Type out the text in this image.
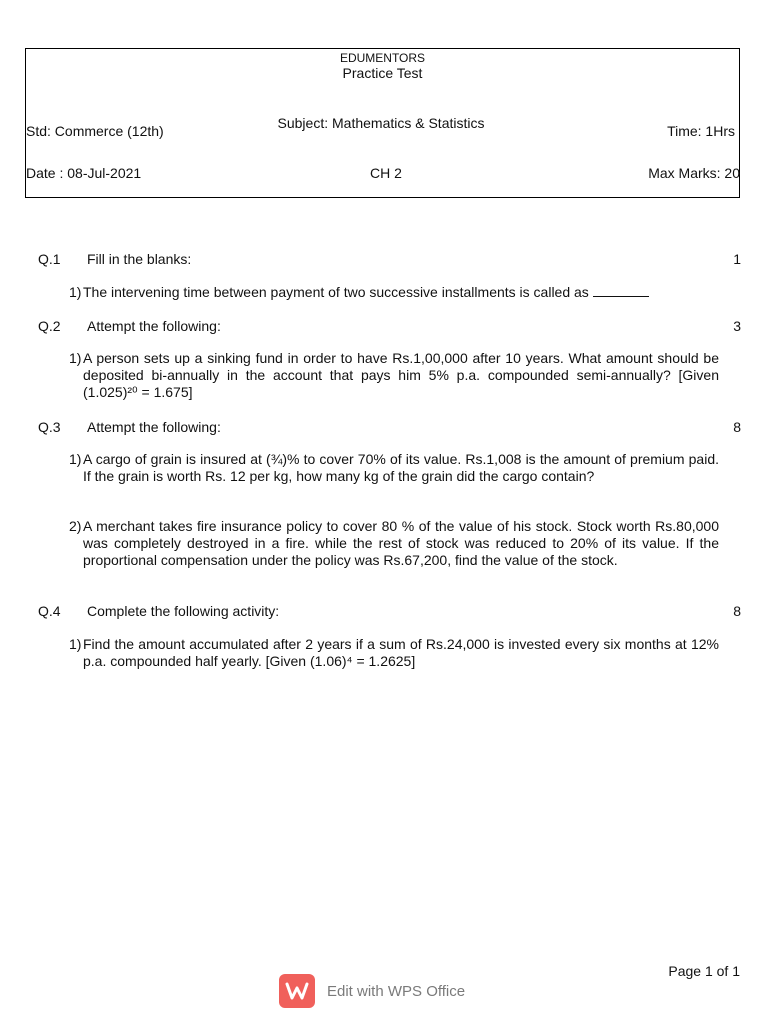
EDUMENTORS
Practice Test
Std: Commerce (12th)	Subject: Mathematics & Statistics	Time: 1Hrs
Date : 08-Jul-2021	CH 2	Max Marks: 20
Q.1 Fill in the blanks:	1
1) The intervening time between payment of two successive installments is called as
Q.2 Attempt the following:	3
1) A person sets up a sinking fund in order to have Rs.1,00,000 after 10 years. What amount should be deposited bi-annually in the account that pays him 5% p.a. compounded semi-annually? [Given (1.025)²⁰ = 1.675]
Q.3 Attempt the following:	8
1) A cargo of grain is insured at (¾)% to cover 70% of its value. Rs.1,008 is the amount of premium paid. If the grain is worth Rs. 12 per kg, how many kg of the grain did the cargo contain?
2) A merchant takes fire insurance policy to cover 80 % of the value of his stock. Stock worth Rs.80,000 was completely destroyed in a fire. while the rest of stock was reduced to 20% of its value. If the proportional compensation under the policy was Rs.67,200, find the value of the stock.
Q.4 Complete the following activity:	8
1) Find the amount accumulated after 2 years if a sum of Rs.24,000 is invested every six months at 12% p.a. compounded half yearly. [Given (1.06)⁴ = 1.2625]
Page 1 of 1
Edit with WPS Office
